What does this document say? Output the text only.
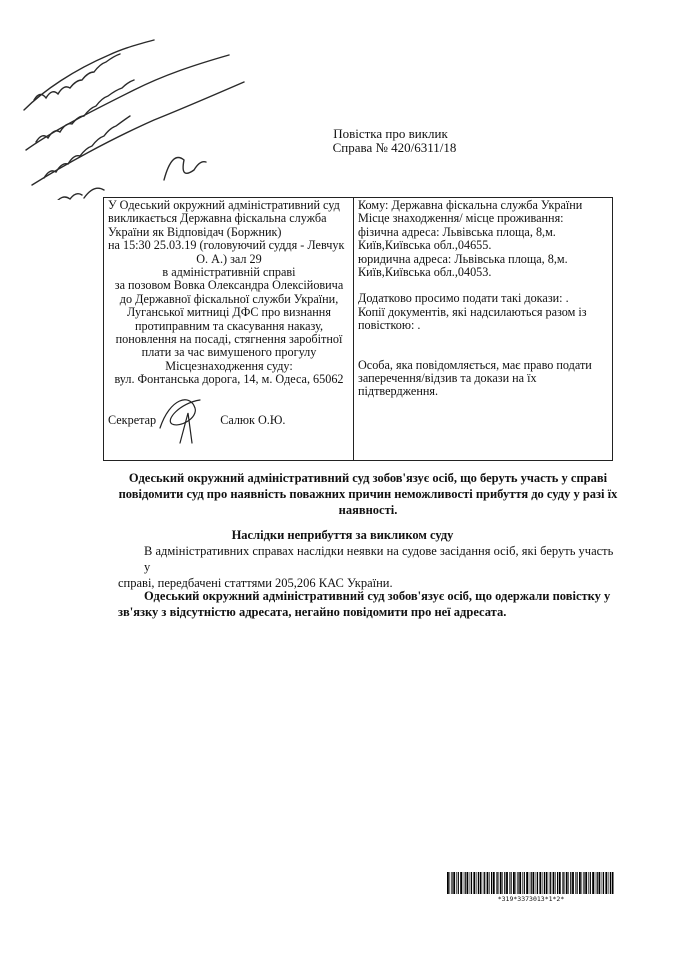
Повістка про виклик
Справа № 420/6311/18
У Одеський окружний адміністративний суд
викликається Державна фіскальна служба
України як Відповідач (Боржник)
на 15:30 25.03.19 (головуючий суддя - Левчук
О. А.) зал 29
в адміністративній справі
за позовом Вовка Олександра Олексійовича
до Державної фіскальної служби України,
Луганської митниці ДФС про визнання
протиправним та скасування наказу,
поновлення на посаді, стягнення заробітної
плати за час вимушеного прогулу
Місцезнаходження суду:
вул. Фонтанська дорога, 14, м. Одеса, 65062
Секретар	Салюк О.Ю.
Кому: Державна фіскальна служба України
Місце знаходження/ місце проживання:
фізична адреса: Львівська площа, 8,м.
Київ,Київська обл.,04655.
юридична адреса: Львівська площа, 8,м.
Київ,Київська обл.,04053.
Додатково просимо подати такі докази: .
Копії документів, які надсилаються разом із
повісткою: .
Особа, яка повідомляється, має право подати
заперечення/відзив та докази на їх
підтвердження.
Одеський окружний адміністративний суд зобов'язує осіб, що беруть участь у справі
повідомити суд про наявність поважних причин неможливості прибуття до суду у разі їх
наявності.
Наслідки неприбуття за викликом суду
В адміністративних справах наслідки неявки на судове засідання осіб, які беруть участь у
справі, передбачені статтями 205,206 КАС України.
Одеський окружний адміністративний суд зобов'язує осіб, що одержали повістку у
зв'язку з відсутністю адресата, негайно повідомити про неї адресата.
*319*3373013*1*2*
